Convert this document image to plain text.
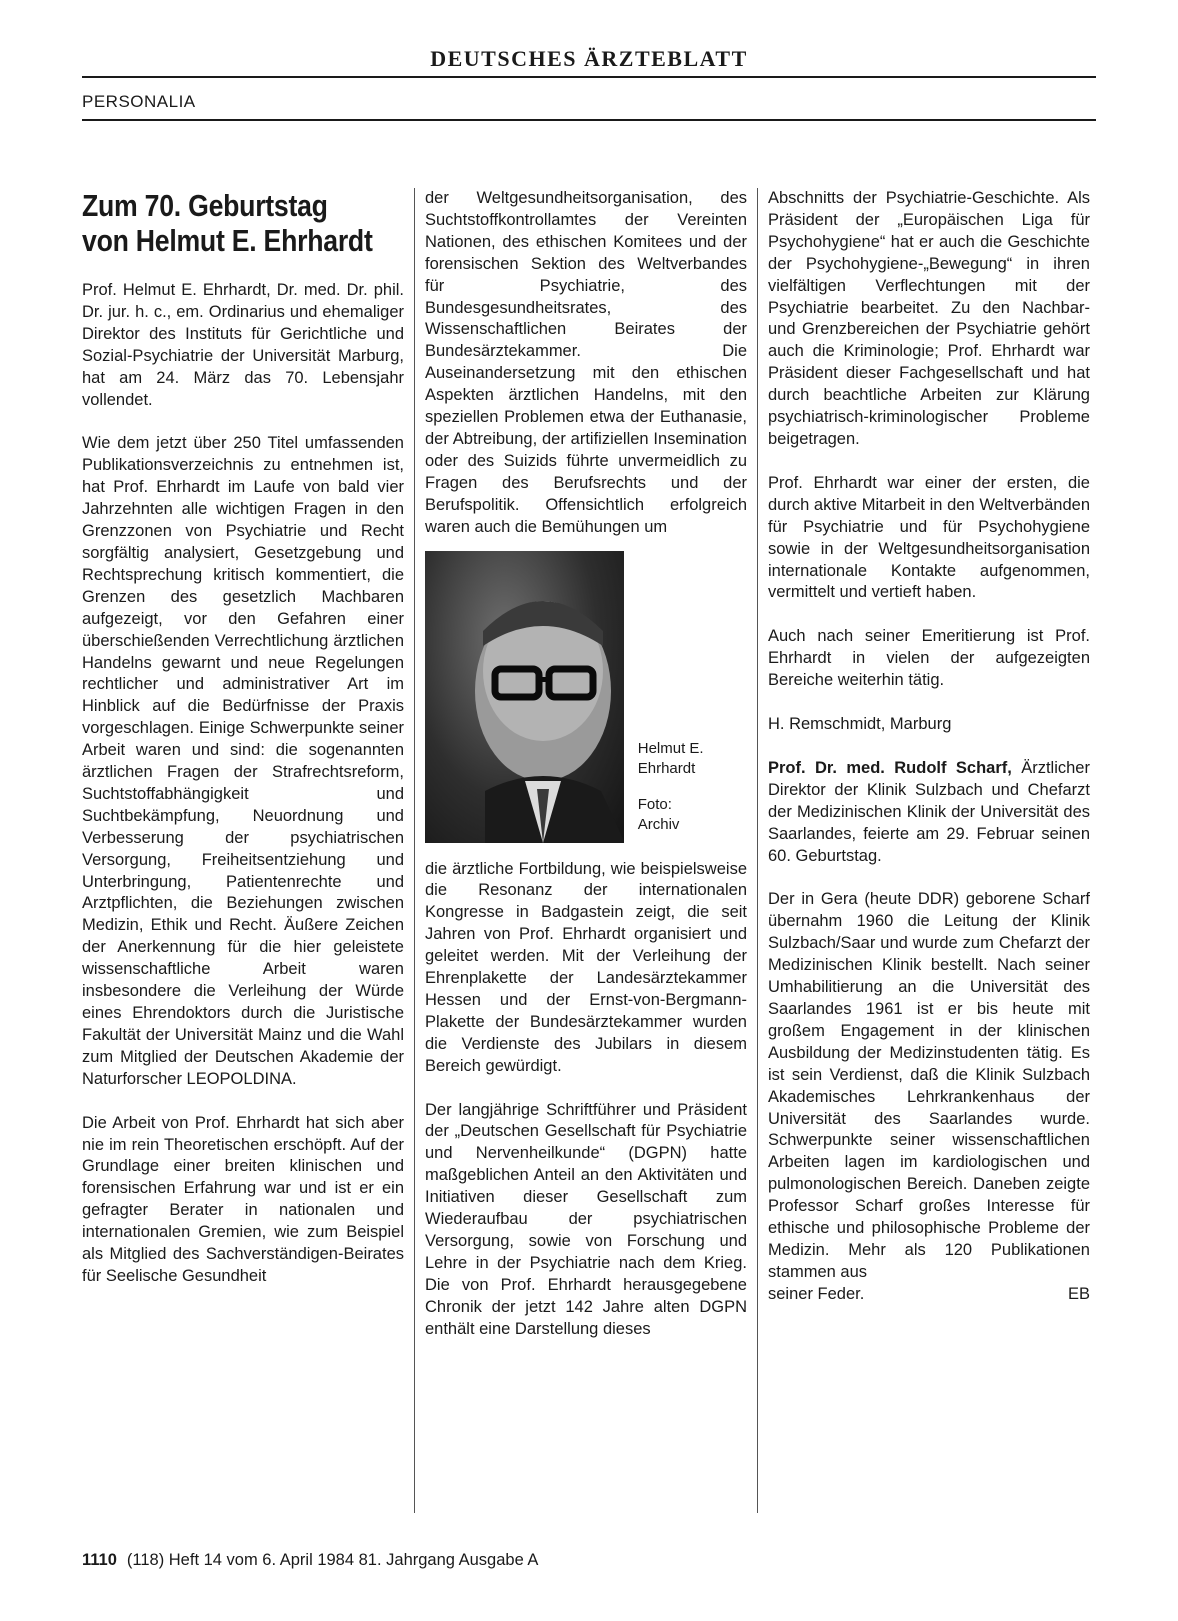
DEUTSCHES ÄRZTEBLATT
PERSONALIA
Zum 70. Geburtstag
von Helmut E. Ehrhardt

Prof. Helmut E. Ehrhardt, Dr. med. Dr. phil. Dr. jur. h. c., em. Ordinarius und ehemaliger Direktor des Instituts für Gerichtliche und Sozial-Psychiatrie der Universität Marburg, hat am 24. März das 70. Lebensjahr vollendet.

Wie dem jetzt über 250 Titel umfassenden Publikationsverzeichnis zu entnehmen ist, hat Prof. Ehrhardt im Laufe von bald vier Jahrzehnten alle wichtigen Fragen in den Grenzzonen von Psychiatrie und Recht sorgfältig analysiert, Gesetzgebung und Rechtsprechung kritisch kommentiert, die Grenzen des gesetzlich Machbaren aufgezeigt, vor den Gefahren einer überschießenden Verrechtlichung ärztlichen Handelns gewarnt und neue Regelungen rechtlicher und administrativer Art im Hinblick auf die Bedürfnisse der Praxis vorgeschlagen. Einige Schwerpunkte seiner Arbeit waren und sind: die sogenannten ärztlichen Fragen der Strafrechtsreform, Suchtstoffabhängigkeit und Suchtbekämpfung, Neuordnung und Verbesserung der psychiatrischen Versorgung, Freiheitsentziehung und Unterbringung, Patientenrechte und Arztpflichten, die Beziehungen zwischen Medizin, Ethik und Recht. Äußere Zeichen der Anerkennung für die hier geleistete wissenschaftliche Arbeit waren insbesondere die Verleihung der Würde eines Ehrendoktors durch die Juristische Fakultät der Universität Mainz und die Wahl zum Mitglied der Deutschen Akademie der Naturforscher LEOPOLDINA.

Die Arbeit von Prof. Ehrhardt hat sich aber nie im rein Theoretischen erschöpft. Auf der Grundlage einer breiten klinischen und forensischen Erfahrung war und ist er ein gefragter Berater in nationalen und internationalen Gremien, wie zum Beispiel als Mitglied des Sachverständigen-Beirates für Seelische Gesundheit

der Weltgesundheitsorganisation, des Suchtstoffkontrollamtes der Vereinten Nationen, des ethischen Komitees und der forensischen Sektion des Weltverbandes für Psychiatrie, des Bundesgesundheitsrates, des Wissenschaftlichen Beirates der Bundesärztekammer. Die Auseinandersetzung mit den ethischen Aspekten ärztlichen Handelns, mit den speziellen Problemen etwa der Euthanasie, der Abtreibung, der artifiziellen Insemination oder des Suizids führte unvermeidlich zu Fragen des Berufsrechts und der Berufspolitik. Offensichtlich erfolgreich waren auch die Bemühungen um

Helmut E. Ehrhardt
Foto:
Archiv

die ärztliche Fortbildung, wie beispielsweise die Resonanz der internationalen Kongresse in Badgastein zeigt, die seit Jahren von Prof. Ehrhardt organisiert und geleitet werden. Mit der Verleihung der Ehrenplakette der Landesärztekammer Hessen und der Ernst-von-Bergmann-Plakette der Bundesärztekammer wurden die Verdienste des Jubilars in diesem Bereich gewürdigt.

Der langjährige Schriftführer und Präsident der „Deutschen Gesellschaft für Psychiatrie und Nervenheilkunde“ (DGPN) hatte maßgeblichen Anteil an den Aktivitäten und Initiativen dieser Gesellschaft zum Wiederaufbau der psychiatrischen Versorgung, sowie von Forschung und Lehre in der Psychiatrie nach dem Krieg. Die von Prof. Ehrhardt herausgegebene Chronik der jetzt 142 Jahre alten DGPN enthält eine Darstellung dieses

Abschnitts der Psychiatrie-Geschichte. Als Präsident der „Europäischen Liga für Psychohygiene“ hat er auch die Geschichte der Psychohygiene-„Bewegung“ in ihren vielfältigen Verflechtungen mit der Psychiatrie bearbeitet. Zu den Nachbar- und Grenzbereichen der Psychiatrie gehört auch die Kriminologie; Prof. Ehrhardt war Präsident dieser Fachgesellschaft und hat durch beachtliche Arbeiten zur Klärung psychiatrisch-kriminologischer Probleme beigetragen.

Prof. Ehrhardt war einer der ersten, die durch aktive Mitarbeit in den Weltverbänden für Psychiatrie und für Psychohygiene sowie in der Weltgesundheitsorganisation internationale Kontakte aufgenommen, vermittelt und vertieft haben.

Auch nach seiner Emeritierung ist Prof. Ehrhardt in vielen der aufgezeigten Bereiche weiterhin tätig.

H. Remschmidt, Marburg

Prof. Dr. med. Rudolf Scharf, Ärztlicher Direktor der Klinik Sulzbach und Chefarzt der Medizinischen Klinik der Universität des Saarlandes, feierte am 29. Februar seinen 60. Geburtstag.

Der in Gera (heute DDR) geborene Scharf übernahm 1960 die Leitung der Klinik Sulzbach/Saar und wurde zum Chefarzt der Medizinischen Klinik bestellt. Nach seiner Umhabilitierung an die Universität des Saarlandes 1961 ist er bis heute mit großem Engagement in der klinischen Ausbildung der Medizinstudenten tätig. Es ist sein Verdienst, daß die Klinik Sulzbach Akademisches Lehrkrankenhaus der Universität des Saarlandes wurde. Schwerpunkte seiner wissenschaftlichen Arbeiten lagen im kardiologischen und pulmonologischen Bereich. Daneben zeigte Professor Scharf großes Interesse für ethische und philosophische Probleme der Medizin. Mehr als 120 Publikationen stammen aus

seiner Feder.	EB
1110 (118) Heft 14 vom 6. April 1984 81. Jahrgang Ausgabe A
